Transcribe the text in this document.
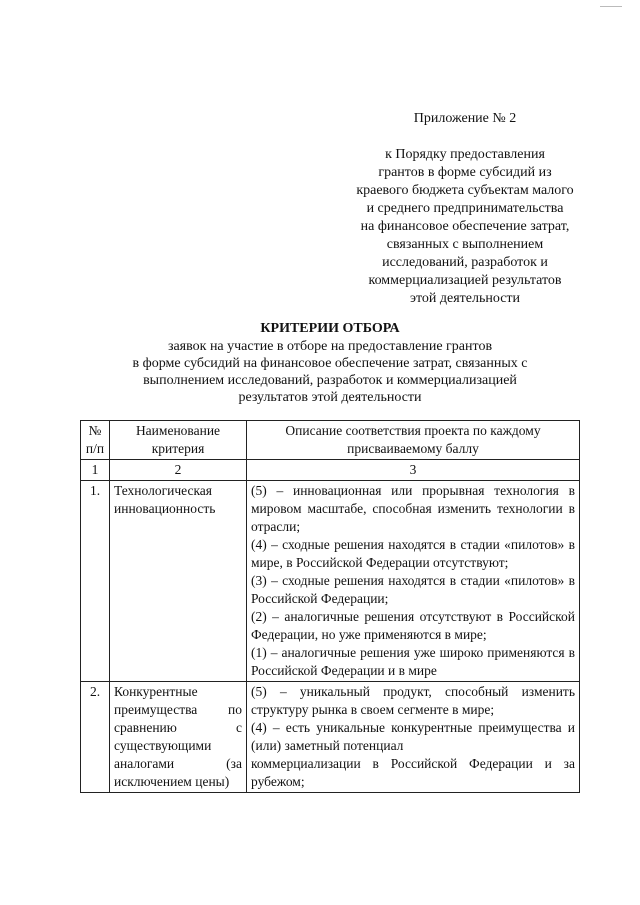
Приложение № 2
к Порядку предоставления
грантов в форме субсидий из
краевого бюджета субъектам малого
и среднего предпринимательства
на финансовое обеспечение затрат,
связанных с выполнением
исследований, разработок и
коммерциализацией результатов
этой деятельности
КРИТЕРИИ ОТБОРА
заявок на участие в отборе на предоставление грантов
в форме субсидий на финансовое обеспечение затрат, связанных с
выполнением исследований, разработок и коммерциализацией
результатов этой деятельности
№ п/п	Наименование критерия	Описание соответствия проекта по каждому присваиваемому баллу
1	2	3
1.	Технологическая инновационность	(5) – инновационная или прорывная технология в мировом масштабе, способная изменить технологии в отрасли;

(4) – сходные решения находятся в стадии «пилотов» в мире, в Российской Федерации отсутствуют;

(3) – сходные решения находятся в стадии «пилотов» в Российской Федерации;

(2) – аналогичные решения отсутствуют в Российской Федерации, но уже применяются в мире;

(1) – аналогичные решения уже широко применяются в Российской Федерации и в мире

2.	Конкурентные преимущества по сравнению с существующими аналогами (за исключением цены)	(5) – уникальный продукт, способный изменить структуру рынка в своем сегменте в мире;

(4) – есть уникальные конкурентные преимущества и (или) заметный потенциал

коммерциализации в Российской Федерации и за рубежом;
